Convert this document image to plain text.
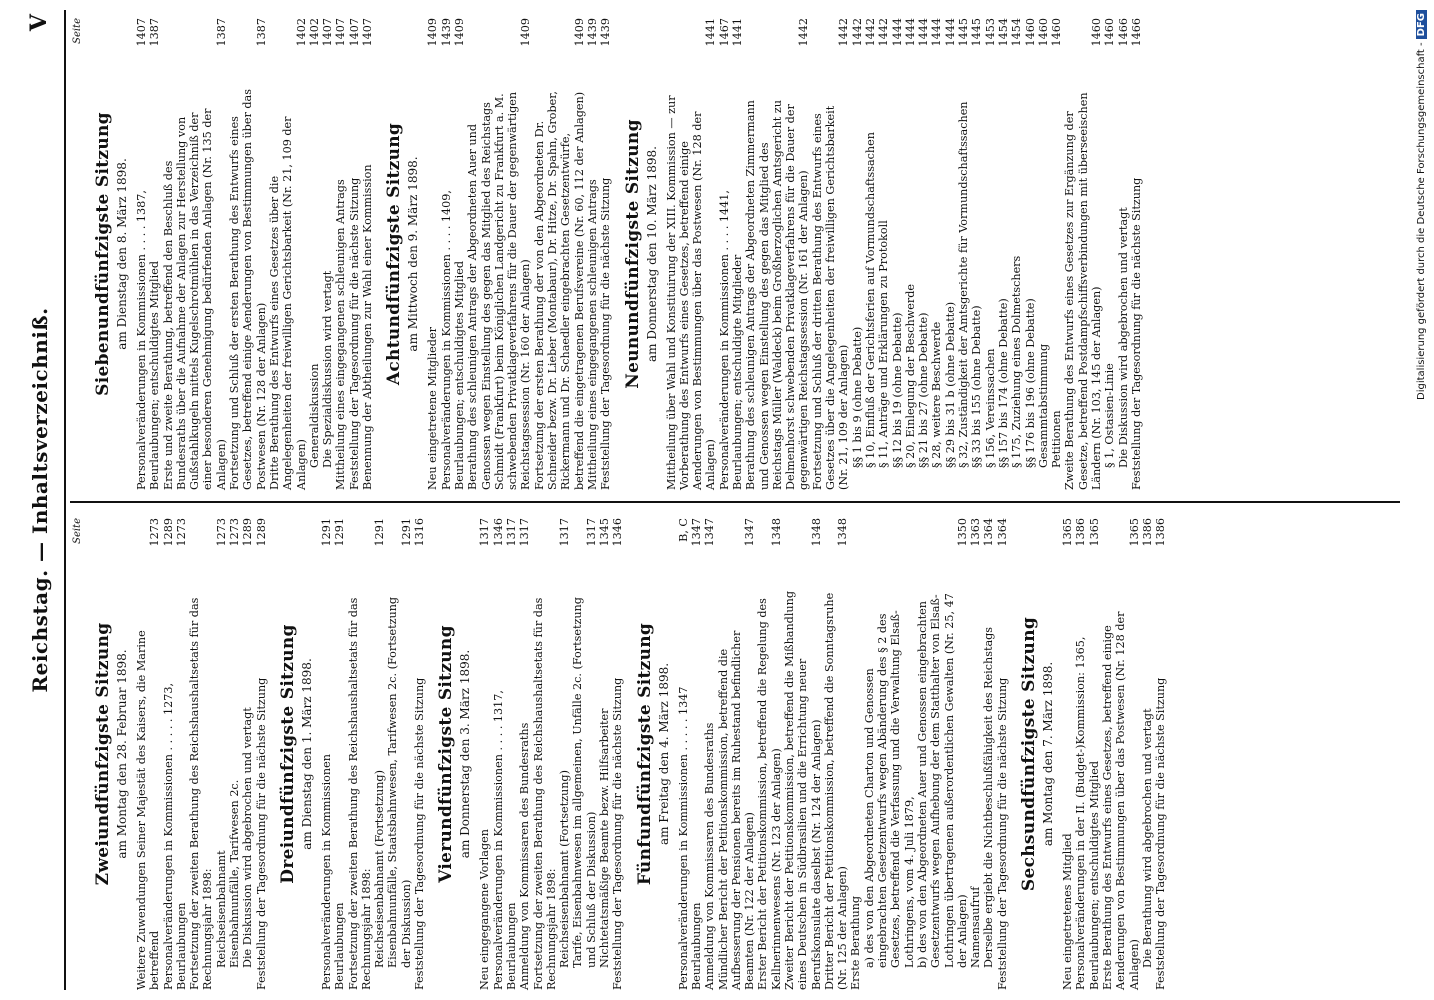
Reichstag. — Inhaltsverzeichniß.
V
Seite
Zweiundfünfzigste Sitzung am Montag den 28. Februar 1898. Weitere Zuwendungen Seiner Majestät des Kaisers, die Marine betreffend
1273
Personalveränderungen in Kommissionen . . . . . 1273,
1289
Beurlaubungen
1273
Fortsetzung der zweiten Berathung des Reichshaushaltsetats für das Rechnungsjahr 1898: Reichseisenbahnamt
1273
Eisenbahnunfälle, Tarifwesen 2c.
1273
Die Diskussion wird abgebrochen und vertagt
1289
Feststellung der Tagesordnung für die nächste Sitzung
1289
Dreiundfünfzigste Sitzung am Dienstag den 1. März 1898.
Personalveränderungen in Kommissionen
1291
Beurlaubungen
1291
Fortsetzung der zweiten Berathung des Reichshaushaltsetats für das Rechnungsjahr 1898: Reichseisenbahnamt (Fortsetzung)
1291
Eisenbahnunfälle, Staatsbahnwesen, Tarifwesen 2c. (Fortsetzung der Diskussion)
1291
Feststellung der Tagesordnung für die nächste Sitzung
1316
Vierundfünfzigste Sitzung am Donnerstag den 3. März 1898.
Neu eingegangene Vorlagen
1317
Personalveränderungen in Kommissionen . . . . 1317,
1346
Beurlaubungen
1317
Anmeldung von Kommissaren des Bundesraths
1317
Fortsetzung der zweiten Berathung des Reichshaushaltsetats für das Rechnungsjahr 1898: Reichseisenbahnamt (Fortsetzung)
1317
Tarife, Eisenbahnwesen im allgemeinen, Unfälle 2c. (Fortsetzung und Schluß der Diskussion)
1317
Nichtetatsmäßige Beamte bezw. Hilfsarbeiter
1345
Feststellung der Tagesordnung für die nächste Sitzung
1346
Fünfundfünfzigste Sitzung am Freitag den 4. März 1898. Personalveränderungen in Kommissionen . . . . . 1347
B, C
Beurlaubungen
1347
Anmeldung von Kommissaren des Bundesraths
1347
Mündlicher Bericht der Petitionskommission, betreffend die Aufbesserung der Pensionen bereits im Ruhestand befindlicher Beamten (Nr. 122 der Anlagen)
1347
Erster Bericht der Petitionskommission, betreffend die Regelung des Kellnerinnenwesens (Nr. 123 der Anlagen)
1348
Zweiter Bericht der Petitionskommission, betreffend die Mißhandlung eines Deutschen in Südbrasilien und die Errichtung neuer Berufskonsulate daselbst (Nr. 124 der Anlagen)
1348
Dritter Bericht der Petitionskommission, betreffend die Sonntagsruhe (Nr. 125 der Anlagen)
1348
Erste Berathung a) des von den Abgeordneten Charton und Genossen eingebrachten Gesetzentwurfs wegen Abänderung des § 2 des Gesetzes, betreffend die Verfassung und die Verwaltung Elsaß-Lothringens, vom 4. Juli 1879, b) des von den Abgeordneten Auer und Genossen eingebrachten Gesetzentwurfs wegen Aufhebung der dem Statthalter von Elsaß-Lothringen übertragenen außerordentlichen Gewalten (Nr. 25, 47 der Anlagen)
1350
Namensaufruf
1363
Derselbe ergiebt die Nichtbeschlußfähigkeit des Reichstags
1364
Feststellung der Tagesordnung für die nächste Sitzung
1364
Sechsundfünfzigste Sitzung am Montag den 7. März 1898.
Neu eingetretenes Mitglied
1365
Personalveränderungen in der II. (Budget-)Kommission: 1365,
1386
Beurlaubungen; entschuldigtes Mitglied
1365
Erste Berathung des Entwurfs eines Gesetzes, betreffend einige Aenderungen von Bestimmungen über das Postwesen (Nr. 128 der Anlagen)
1365
Die Berathung wird abgebrochen und vertagt
1386
Feststellung der Tagesordnung für die nächste Sitzung
1386
Seite
Siebenundfünfzigste Sitzung am Dienstag den 8. März 1898. Personalveränderungen in Kommissionen . . . . 1387,
1407
Beurlaubungen; entschuldigtes Mitglied
1387
Erste und zweite Berathung, betreffend den Beschluß des Bundesraths über die Aufnahme der Anlagen zur Herstellung von Gußstahlkugeln mittels Kugelschrotmühlen in das Verzeichniß der einer besonderen Genehmigung bedürfenden Anlagen (Nr. 135 der Anlagen)
1387
Fortsetzung und Schluß der ersten Berathung des Entwurfs eines Gesetzes, betreffend einige Aenderungen von Bestimmungen über das Postwesen (Nr. 128 der Anlagen)
1387
Dritte Berathung des Entwurfs eines Gesetzes über die Angelegenheiten der freiwilligen Gerichtsbarkeit (Nr. 21, 109 der Anlagen)
1402
Generaldiskussion
1402
Die Spezialdiskussion wird vertagt
1407
Mittheilung eines eingegangenen schleunigen Antrags
1407
Feststellung der Tagesordnung für die nächste Sitzung
1407
Benennung der Abtheilungen zur Wahl einer Kommission
1407
Achtundfünfzigste Sitzung am Mittwoch den 9. März 1898.
Neu eingetretene Mitglieder
1409
Personalveränderungen in Kommissionen . . . . 1409,
1439
Beurlaubungen; entschuldigtes Mitglied
1409
Berathung des schleunigen Antrags der Abgeordneten Auer und Genossen wegen Einstellung des gegen das Mitglied des Reichstags Schmidt (Frankfurt) beim Königlichen Landgericht zu Frankfurt a. M. schwebenden Privatklageverfahrens für die Dauer der gegenwärtigen Reichstagssession (Nr. 160 der Anlagen)
1409
Fortsetzung der ersten Berathung der von den Abgeordneten Dr. Schneider bezw. Dr. Lieber (Montabaur), Dr. Hitze, Dr. Spahn, Grober, Rickermann und Dr. Schaedler eingebrachten Gesetzentwürfe, betreffend die eingetragenen Berufsvereine (Nr. 60, 112 der Anlagen)
1409
Mittheilung eines eingegangenen schleunigen Antrags
1439
Feststellung der Tagesordnung für die nächste Sitzung
1439
Neunundfünfzigste Sitzung am Donnerstag den 10. März 1898. Mittheilung über Wahl und Konstituirung der XIII. Kommission — zur Vorberathung des Entwurfs eines Gesetzes, betreffend einige Aenderungen von Bestimmungen über das Postwesen (Nr. 128 der Anlagen)
1441
Personalveränderungen in Kommissionen . . . . 1441,
1467
Beurlaubungen; entschuldigte Mitglieder
1441
Berathung des schleunigen Antrags der Abgeordneten Zimmermann und Genossen wegen Einstellung des gegen das Mitglied des Reichstags Müller (Waldeck) beim Großherzoglichen Amtsgericht zu Delmenhorst schwebenden Privatklageverfahrens für die Dauer der gegenwärtigen Reichstagssession (Nr. 161 der Anlagen)
1442
Fortsetzung und Schluß der dritten Berathung des Entwurfs eines Gesetzes über die Angelegenheiten der freiwilligen Gerichtsbarkeit (Nr. 21, 109 der Anlagen)
1442
§§ 1 bis 9 (ohne Debatte)
1442
§ 10, Einfluß der Gerichtsferien auf Vormundschaftssachen
1442
§ 11, Anträge und Erklärungen zu Protokoll
1442
§§ 12 bis 19 (ohne Debatte)
1444
§ 20, Einlegung der Beschwerde
1444
§§ 21 bis 27 (ohne Debatte)
1444
§ 28, weitere Beschwerde
1444
§§ 29 bis 31 b (ohne Debatte)
1444
§ 32, Zuständigkeit der Amtsgerichte für Vormundschaftssachen
1445
§§ 33 bis 155 (ohne Debatte)
1445
§ 156, Vereinssachen
1453
§§ 157 bis 174 (ohne Debatte)
1454
§ 175, Zuziehung eines Dolmetschers
1454
§§ 176 bis 196 (ohne Debatte)
1460
Gesammtabstimmung
1460
Petitionen
1460
Zweite Berathung des Entwurfs eines Gesetzes zur Ergänzung der Gesetze, betreffend Postdampfschiffsverbindungen mit überseeischen Ländern (Nr. 103, 145 der Anlagen)
1460
§ 1, Ostasien-Linie
1460
Die Diskussion wird abgebrochen und vertagt
1466
Feststellung der Tagesordnung für die nächste Sitzung
1466
Digitalisierung gefördert durch die Deutsche Forschungsgemeinschaft -DFG
